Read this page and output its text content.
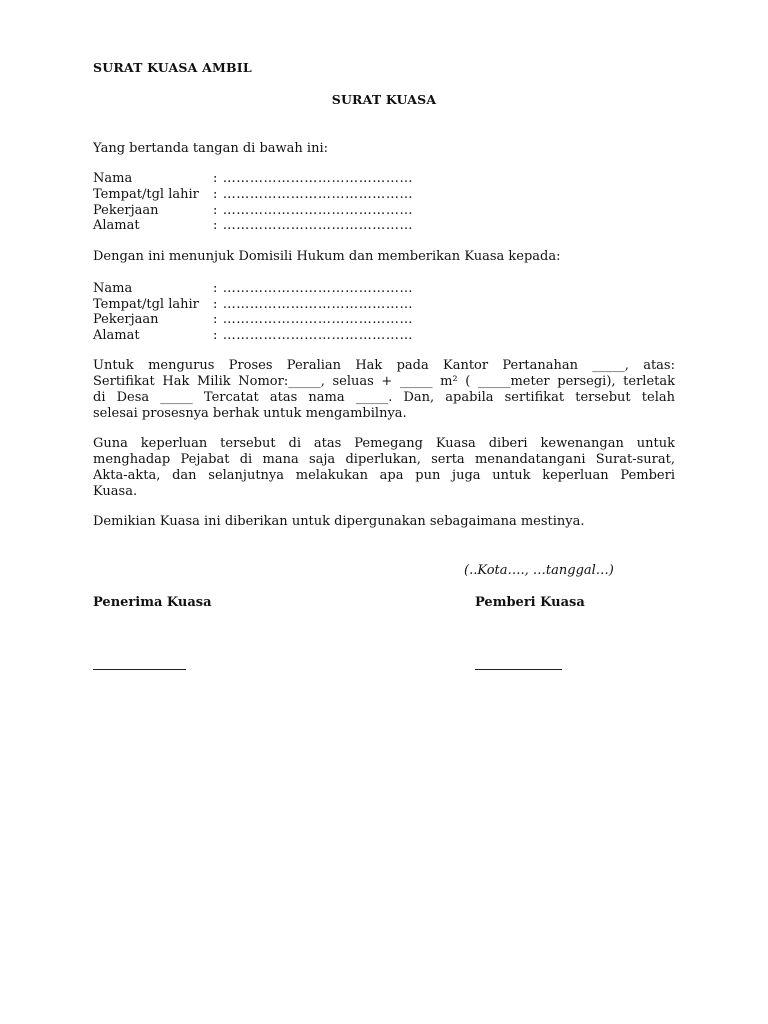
SURAT KUASA AMBIL
SURAT KUASA
Yang bertanda tangan di bawah ini:
Nama	: ……………………………………
Tempat/tgl lahir : ……………………………………
Pekerjaan	: ……………………………………
Alamat	: ……………………………………
Dengan ini menunjuk Domisili Hukum dan memberikan Kuasa kepada:
Nama	: ……………………………………
Tempat/tgl lahir : ……………………………………
Pekerjaan	: ……………………………………
Alamat	: ……………………………………
Untuk mengurus Proses Peralian Hak pada Kantor Pertanahan _____, atas:
Sertifikat Hak Milik Nomor:_____, seluas + _____ m² ( _____meter persegi), terletak
di Desa _____ Tercatat atas nama _____. Dan, apabila sertifikat tersebut telah
selesai prosesnya berhak untuk mengambilnya.
Guna keperluan tersebut di atas Pemegang Kuasa diberi kewenangan untuk
menghadap Pejabat di mana saja diperlukan, serta menandatangani Surat-surat,
Akta-akta, dan selanjutnya melakukan apa pun juga untuk keperluan Pemberi
Kuasa.
Demikian Kuasa ini diberikan untuk dipergunakan sebagaimana mestinya.
(..Kota…., …tanggal…)
Penerima Kuasa	Pemberi Kuasa
